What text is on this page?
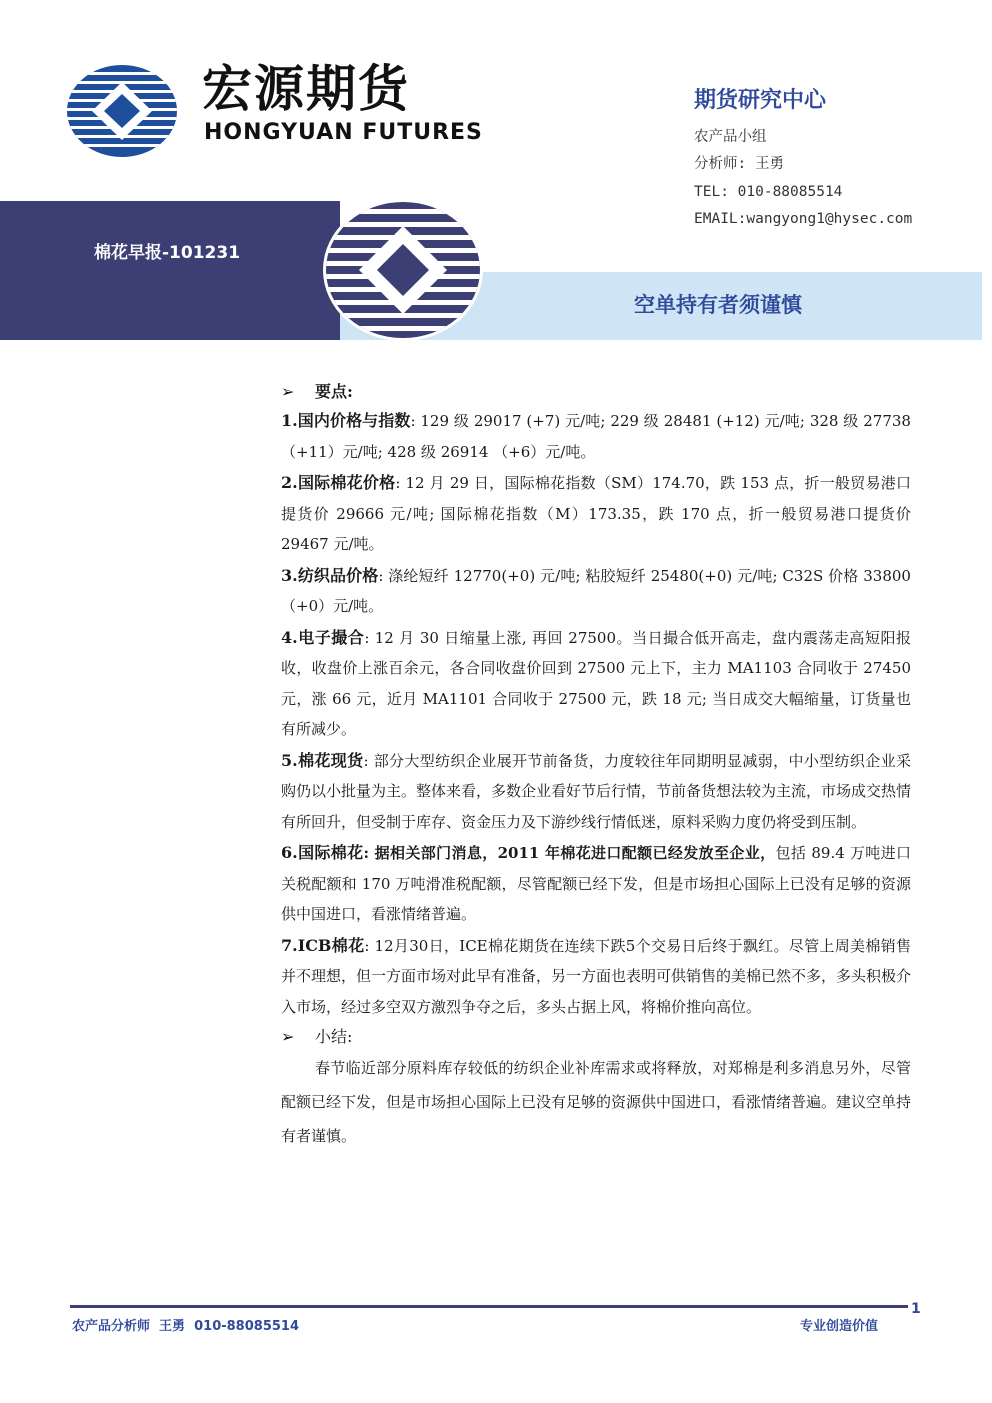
宏源期货
HONGYUAN FUTURES
期货研究中心
农产品小组
分析师: 王勇
TEL: 010-88085514
EMAIL:wangyong1@hysec.com
棉花早报-101231
空单持有者须谨慎
➢ 要点:

1.国内价格与指数: 129 级 29017 (+7) 元/吨; 229 级 28481 (+12) 元/吨; 328 级 27738 （+11）元/吨; 428 级 26914 （+6）元/吨。

2.国际棉花价格: 12 月 29 日，国际棉花指数（SM）174.70，跌 153 点，折一般贸易港口提货价 29666 元/吨; 国际棉花指数（M）173.35，跌 170 点，折一般贸易港口提货价 29467 元/吨。

3.纺织品价格: 涤纶短纤 12770(+0) 元/吨; 粘胶短纤 25480(+0) 元/吨; C32S 价格 33800（+0）元/吨。

4.电子撮合: 12 月 30 日缩量上涨, 再回 27500。当日撮合低开高走，盘内震荡走高短阳报收，收盘价上涨百余元，各合同收盘价回到 27500 元上下，主力 MA1103 合同收于 27450 元，涨 66 元，近月 MA1101 合同收于 27500 元，跌 18 元; 当日成交大幅缩量，订货量也有所减少。

5.棉花现货: 部分大型纺织企业展开节前备货，力度较往年同期明显减弱，中小型纺织企业采购仍以小批量为主。整体来看，多数企业看好节后行情，节前备货想法较为主流，市场成交热情有所回升，但受制于库存、资金压力及下游纱线行情低迷，原料采购力度仍将受到压制。

6.国际棉花: 据相关部门消息，2011 年棉花进口配额已经发放至企业，包括 89.4 万吨进口关税配额和 170 万吨滑准税配额，尽管配额已经下发，但是市场担心国际上已没有足够的资源供中国进口，看涨情绪普遍。

7.ICB棉花: 12月30日，ICE棉花期货在连续下跌5个交易日后终于飘红。尽管上周美棉销售并不理想，但一方面市场对此早有准备，另一方面也表明可供销售的美棉已然不多，多头积极介入市场，经过多空双方激烈争夺之后，多头占据上风，将棉价推向高位。

➢ 小结:

春节临近部分原料库存较低的纺织企业补库需求或将释放，对郑棉是利多消息另外，尽管配额已经下发，但是市场担心国际上已没有足够的资源供中国进口，看涨情绪普遍。建议空单持有者谨慎。

1
农产品分析师  王勇  010-88085514	专业创造价值
